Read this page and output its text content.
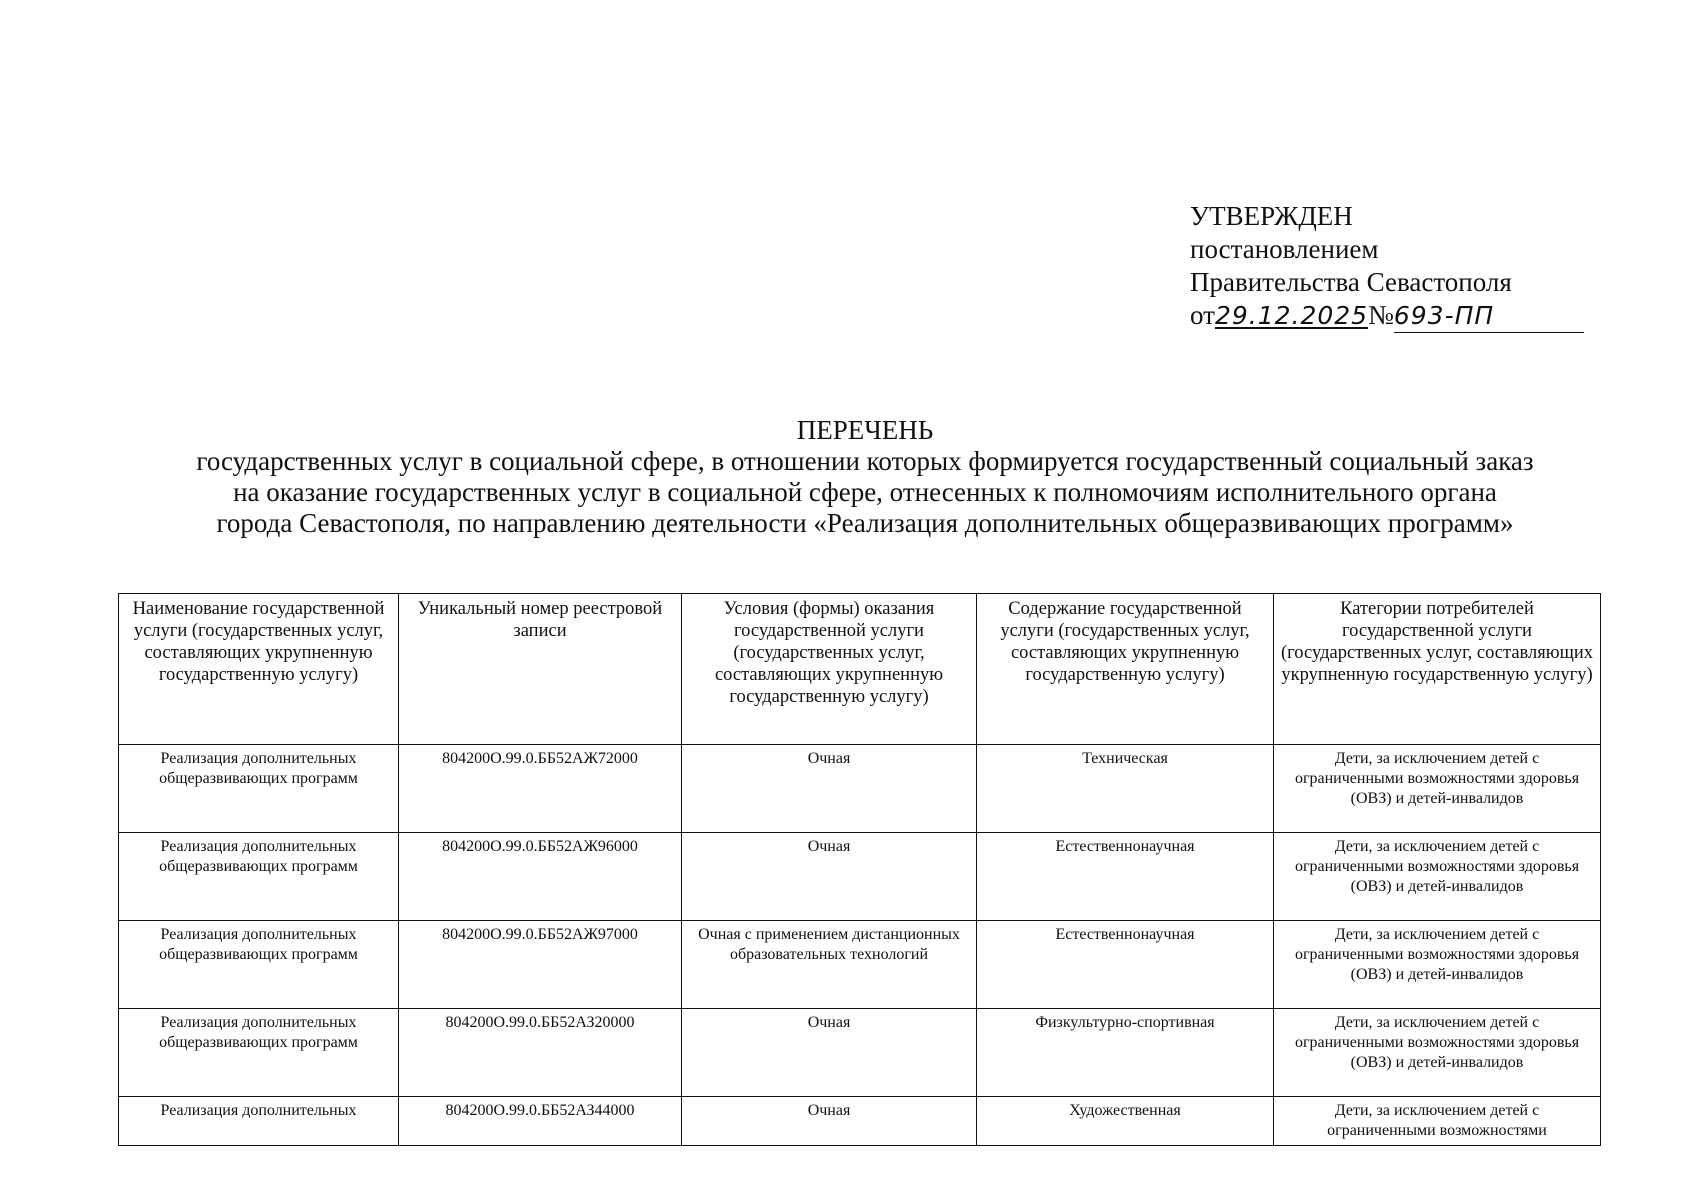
УТВЕРЖДЕН
постановлением
Правительства Севастополя
от 29.12.2025 № 693-ПП
ПЕРЕЧЕНЬ
государственных услуг в социальной сфере, в отношении которых формируется государственный социальный заказ
на оказание государственных услуг в социальной сфере, отнесенных к полномочиям исполнительного органа
города Севастополя, по направлению деятельности «Реализация дополнительных общеразвивающих программ»
Наименование государственной услуги (государственных услуг, составляющих укрупненную государственную услугу)	Уникальный номер реестровой записи	Условия (формы) оказания государственной услуги (государственных услуг, составляющих укрупненную государственную услугу)	Содержание государственной услуги (государственных услуг, составляющих укрупненную государственную услугу)	Категории потребителей государственной услуги (государственных услуг, составляющих укрупненную государственную услугу)
Реализация дополнительных общеразвивающих программ	804200О.99.0.ББ52АЖ72000	Очная	Техническая	Дети, за исключением детей с ограниченными возможностями здоровья (ОВЗ) и детей-инвалидов
Реализация дополнительных общеразвивающих программ	804200О.99.0.ББ52АЖ96000	Очная	Естественнонаучная	Дети, за исключением детей с ограниченными возможностями здоровья (ОВЗ) и детей-инвалидов
Реализация дополнительных общеразвивающих программ	804200О.99.0.ББ52АЖ97000	Очная с применением дистанционных образовательных технологий	Естественнонаучная	Дети, за исключением детей с ограниченными возможностями здоровья (ОВЗ) и детей-инвалидов
Реализация дополнительных общеразвивающих программ	804200О.99.0.ББ52АЗ20000	Очная	Физкультурно-спортивная	Дети, за исключением детей с ограниченными возможностями здоровья (ОВЗ) и детей-инвалидов
Реализация дополнительных	804200О.99.0.ББ52АЗ44000	Очная	Художественная	Дети, за исключением детей с ограниченными возможностями
